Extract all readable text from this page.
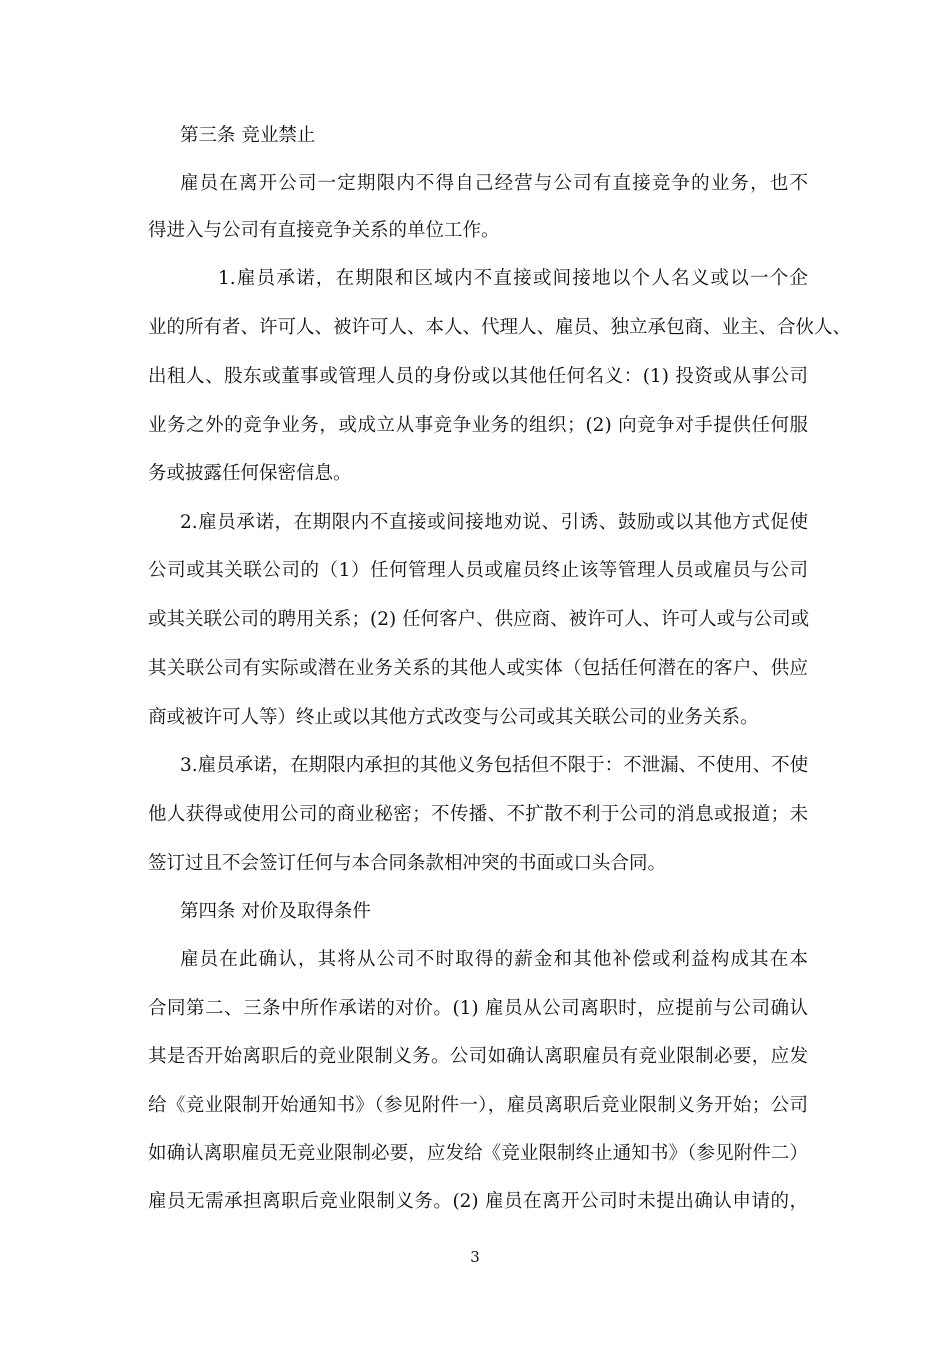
第三条 竞业禁止
雇员在离开公司一定期限内不得自己经营与公司有直接竞争的业务，也不
得进入与公司有直接竞争关系的单位工作。
1.雇员承诺，在期限和区域内不直接或间接地以个人名义或以一个企
业的所有者、许可人、被许可人、本人、代理人、雇员、独立承包商、业主、合伙人、
出租人、股东或董事或管理人员的身份或以其他任何名义：(1) 投资或从事公司
业务之外的竞争业务，或成立从事竞争业务的组织；(2) 向竞争对手提供任何服
务或披露任何保密信息。
2.雇员承诺，在期限内不直接或间接地劝说、引诱、鼓励或以其他方式促使
公司或其关联公司的（1）任何管理人员或雇员终止该等管理人员或雇员与公司
或其关联公司的聘用关系；(2) 任何客户、供应商、被许可人、许可人或与公司或
其关联公司有实际或潜在业务关系的其他人或实体（包括任何潜在的客户、供应
商或被许可人等）终止或以其他方式改变与公司或其关联公司的业务关系。
3.雇员承诺，在期限内承担的其他义务包括但不限于：不泄漏、不使用、不使
他人获得或使用公司的商业秘密；不传播、不扩散不利于公司的消息或报道；未
签订过且不会签订任何与本合同条款相冲突的书面或口头合同。
第四条 对价及取得条件
雇员在此确认，其将从公司不时取得的薪金和其他补偿或利益构成其在本
合同第二、三条中所作承诺的对价。(1) 雇员从公司离职时，应提前与公司确认
其是否开始离职后的竞业限制义务。公司如确认离职雇员有竞业限制必要，应发
给《竞业限制开始通知书》（参见附件一），雇员离职后竞业限制义务开始；公司
如确认离职雇员无竞业限制必要，应发给《竞业限制终止通知书》（参见附件二）
雇员无需承担离职后竞业限制义务。(2) 雇员在离开公司时未提出确认申请的，
3
